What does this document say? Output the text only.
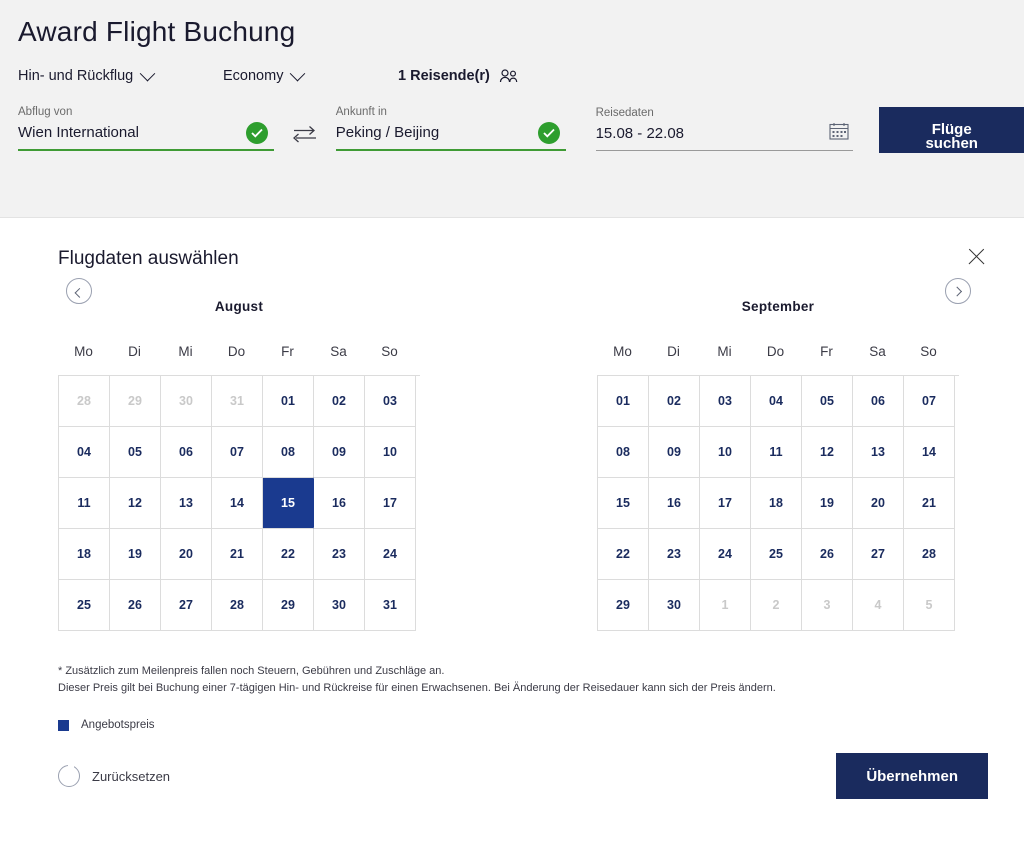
Award Flight Buchung
Hin- und Rückflug	Economy	1 Reisende(r)
Abflug von
Wien International	Ankunft in
Peking / Beijing	Reisedaten
15.08 - 22.08
Flüge suchen
Flugdaten auswählen
August
Mo	Di	Mi	Do	Fr	Sa	So
28	29	30	31	01	02	03
04	05	06	07	08	09	10
11	12	13	14	15	16	17
18	19	20	21	22	23	24
25	26	27	28	29	30	31
September
Mo	Di	Mi	Do	Fr	Sa	So
01	02	03	04	05	06	07
08	09	10	11	12	13	14
15	16	17	18	19	20	21
22	23	24	25	26	27	28
29	30	1	2	3	4	5
* Zusätzlich zum Meilenpreis fallen noch Steuern, Gebühren und Zuschläge an.
Dieser Preis gilt bei Buchung einer 7-tägigen Hin- und Rückreise für einen Erwachsenen. Bei Änderung der Reisedauer kann sich der Preis ändern.
Angebotspreis
Zurücksetzen	Übernehmen
